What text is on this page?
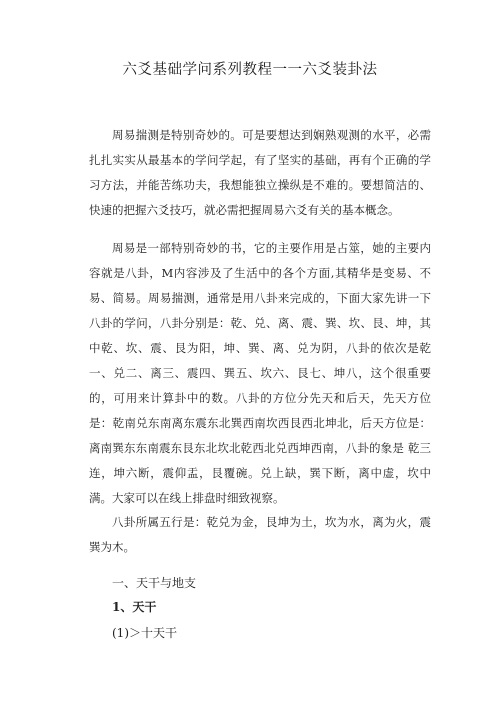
六爻基础学问系列教程一一六爻装卦法

周易揣测是特别奇妙的。可是要想达到娴熟观测的水平，必需扎扎实实从最基本的学问学起，有了坚实的基础，再有个正确的学习方法，并能苦练功夫，我想能独立操纵是不难的。要想简洁的、快速的把握六爻技巧，就必需把握周易六爻有关的基本概念。

周易是一部特别奇妙的书，它的主要作用是占筮，她的主要内容就是八卦，M内容涉及了生活中的各个方面,其精华是变易、不易、简易。周易揣测，通常是用八卦来完成的，下面大家先讲一下八卦的学问，八卦分别是：乾、兑、离、震、巽、坎、艮、坤，其中乾、坎、震、艮为阳，坤、巽、离、兑为阴，八卦的依次是乾一、兑二、离三、震四、巽五、坎六、艮七、坤八，这个很重要的，可用来计算卦中的数。八卦的方位分先天和后天，先天方位是：乾南兑东南离东震东北巽西南坎西艮西北坤北，后天方位是：离南巽东东南震东艮东北坎北乾西北兑西坤西南，八卦的象是 乾三连，坤六断，震仰盂，艮覆碗。兑上缺，巽下断，离中虚，坎中满。大家可以在线上排盘时细致视察。

八卦所属五行是：乾兑为金，艮坤为土，坎为水，离为火，震巽为木。

一、天干与地支
1、天干
(1)＞十天干
